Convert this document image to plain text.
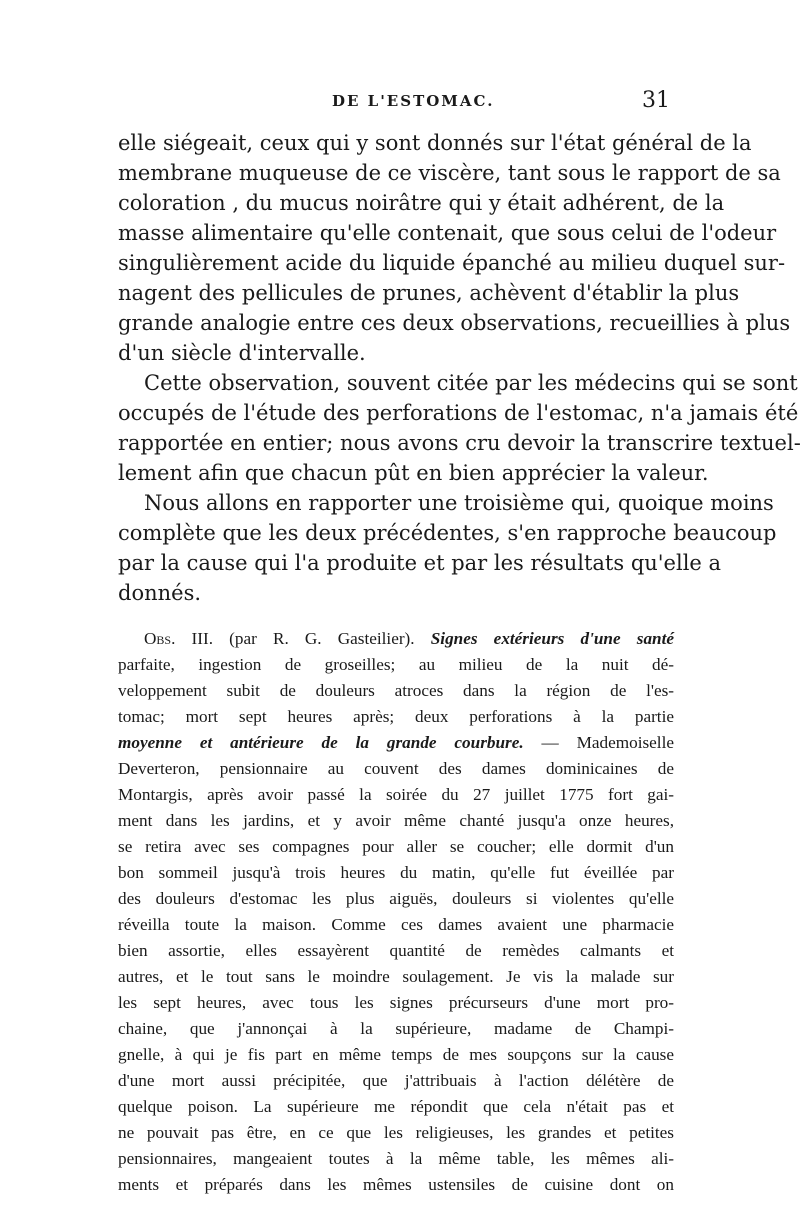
DE L'ESTOMAC.	31
elle siégeait, ceux qui y sont donnés sur l'état général de la
membrane muqueuse de ce viscère, tant sous le rapport de sa
coloration , du mucus noirâtre qui y était adhérent, de la
masse alimentaire qu'elle contenait, que sous celui de l'odeur
singulièrement acide du liquide épanché au milieu duquel sur-
nagent des pellicules de prunes, achèvent d'établir la plus
grande analogie entre ces deux observations, recueillies à plus
d'un siècle d'intervalle.
Cette observation, souvent citée par les médecins qui se sont
occupés de l'étude des perforations de l'estomac, n'a jamais été
rapportée en entier; nous avons cru devoir la transcrire textuel-
lement afin que chacun pût en bien apprécier la valeur.
Nous allons en rapporter une troisième qui, quoique moins
complète que les deux précédentes, s'en rapproche beaucoup
par la cause qui l'a produite et par les résultats qu'elle a
donnés.
Obs. III. (par R. G. Gasteilier). Signes extérieurs d'une santé
parfaite, ingestion de groseilles; au milieu de la nuit dé-
veloppement subit de douleurs atroces dans la région de l'es-
tomac; mort sept heures après; deux perforations à la partie
moyenne et antérieure de la grande courbure. — Mademoiselle
Deverteron, pensionnaire au couvent des dames dominicaines de
Montargis, après avoir passé la soirée du 27 juillet 1775 fort gai-
ment dans les jardins, et y avoir même chanté jusqu'a onze heures,
se retira avec ses compagnes pour aller se coucher; elle dormit d'un
bon sommeil jusqu'à trois heures du matin, qu'elle fut éveillée par
des douleurs d'estomac les plus aiguës, douleurs si violentes qu'elle
réveilla toute la maison. Comme ces dames avaient une pharmacie
bien assortie, elles essayèrent quantité de remèdes calmants et
autres, et le tout sans le moindre soulagement. Je vis la malade sur
les sept heures, avec tous les signes précurseurs d'une mort pro-
chaine, que j'annonçai à la supérieure, madame de Champi-
gnelle, à qui je fis part en même temps de mes soupçons sur la cause
d'une mort aussi précipitée, que j'attribuais à l'action délétère de
quelque poison. La supérieure me répondit que cela n'était pas et
ne pouvait pas être, en ce que les religieuses, les grandes et petites
pensionnaires, mangeaient toutes à la même table, les mêmes ali-
ments et préparés dans les mêmes ustensiles de cuisine dont on
